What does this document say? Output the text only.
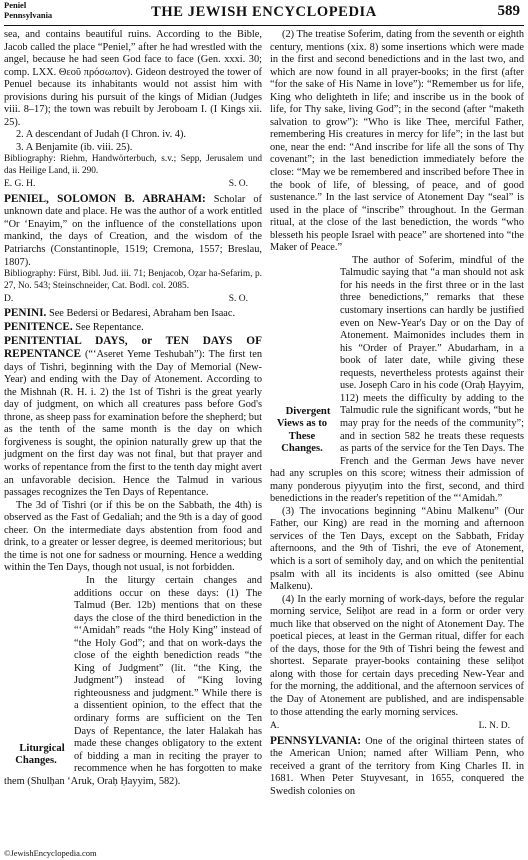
Peniel
Pennsylvania	THE JEWISH ENCYCLOPEDIA	589

sea, and contains beautiful ruins. According to the Bible, Jacob called the place “Peniel,” after he had wrestled with the angel, because he had seen God face to face (Gen. xxxi. 30; comp. LXX. Θεοῦ πρόσωπον). Gideon destroyed the tower of Penuel because its inhabitants would not assist him with provisions during his pursuit of the kings of Midian (Judges viii. 8–17); the town was rebuilt by Jeroboam I. (I Kings xii. 25).

2. A descendant of Judah (I Chron. iv. 4).

3. A Benjamite (ib. viii. 25).

Bibliography: Riehm, Handwörterbuch, s.v.; Sepp, Jerusalem und das Heilige Land, ii. 290.

E. G. H.	S. O.

PENIEL, SOLOMON B. ABRAHAM: Scholar of unknown date and place. He was the author of a work entitled “Or ‘Enayim,” on the influence of the constellations upon mankind, the days of Creation, and the wisdom of the Patriarchs (Constantinople, 1519; Cremona, 1557; Breslau, 1807).

Bibliography: Fürst, Bibl. Jud. iii. 71; Benjacob, Oẓar ha-Sefarim, p. 27, No. 543; Steinschneider, Cat. Bodl. col. 2085.

D.	S. O.

PENINI. See Bedersi or Bedaresi, Abraham ben Isaac.

PENITENCE. See Repentance.

PENITENTIAL DAYS, or TEN DAYS OF REPENTANCE (“‘Aseret Yeme Teshubah”): The first ten days of Tishri, beginning with the Day of Memorial (New-Year) and ending with the Day of Atonement. According to the Mishnah (R. H. i. 2) the 1st of Tishri is the great yearly day of judgment, on which all creatures pass before God's throne, as sheep pass for examination before the shepherd; but as the tenth of the same month is the day on which forgiveness is sought, the opinion naturally grew up that the judgment on the first day was not final, but that prayer and works of repentance from the first to the tenth day might avert an unfavorable decision. Hence the Talmud in various passages recognizes the Ten Days of Repentance.

The 3d of Tishri (or if this be on the Sabbath, the 4th) is observed as the Fast of Gedaliah; and the 9th is a day of good cheer. On the intermediate days abstention from food and drink, to a greater or lesser degree, is deemed meritorious; but the time is not one for sadness or mourning. Hence a wedding within the Ten Days, though not usual, is not forbidden.

Liturgical Changes.
In the liturgy certain changes and additions occur on these days: (1) The Talmud (Ber. 12b) mentions that on these days the close of the third benediction in the “‘Amidah” reads “the Holy King” instead of “the Holy God”; and that on work-days the close of the eighth benediction reads “the King of Judgment” (lit. “the King, the Judgment”) instead of “King loving righteousness and judgment.” While there is a dissentient opinion, to the effect that the ordinary forms are sufficient on the Ten Days of Repentance, the later Halakah has made these changes obligatory to the extent of bidding a man in reciting the prayer to recommence when he has forgotten to make them (Shulḥan ‘Aruk, Oraḥ Ḥayyim, 582).

(2) The treatise Soferim, dating from the seventh or eighth century, mentions (xix. 8) some insertions which were made in the first and second benedictions and in the last two, and which are now found in all prayer-books; in the first (after “for the sake of His Name in love”): “Remember us for life, King who delighteth in life; and inscribe us in the book of life, for Thy sake, living God”; in the second (after “maketh salvation to grow”): “Who is like Thee, merciful Father, remembering His creatures in mercy for life”; in the last but one, near the end: “And inscribe for life all the sons of Thy covenant”; in the last benediction immediately before the close: “May we be remembered and inscribed before Thee in the book of life, of blessing, of peace, and of good sustenance.” In the last service of Atonement Day “seal” is used in the place of “inscribe” throughout. In the German ritual, at the close of the last benediction, the words “who blesseth his people Israel with peace” are shortened into “the Maker of Peace.”

Divergent Views as to These Changes.
The author of Soferim, mindful of the Talmudic saying that “a man should not ask for his needs in the first three or in the last three benedictions,” remarks that these customary insertions can hardly be justified even on New-Year's Day or on the Day of Atonement. Maimonides includes them in his “Order of Prayer.” Abudarham, in a book of later date, while giving these requests, nevertheless protests against their use. Joseph Caro in his code (Oraḥ Ḥayyim, 112) meets the difficulty by adding to the Talmudic rule the significant words, “but he may pray for the needs of the community”; and in section 582 he treats these requests as parts of the service for the Ten Days. The French and the German Jews have never had any scruples on this score; witness their admission of many ponderous piyyuṭim into the first, second, and third benedictions in the reader's repetition of the “‘Amidah.”

(3) The invocations beginning “Abinu Malkenu” (Our Father, our King) are read in the morning and afternoon services of the Ten Days, except on the Sabbath, Friday afternoons, and the 9th of Tishri, the eve of Atonement, which is a sort of semiholy day, and on which the penitential psalm with all its incidents is also omitted (see Abinu Malkenu).

(4) In the early morning of work-days, before the regular morning service, Seliḥot are read in a form or order very much like that observed on the night of Atonement Day. The poetical pieces, at least in the German ritual, differ for each of the days, those for the 9th of Tishri being the fewest and shortest. Separate prayer-books containing these seliḥot along with those for certain days preceding New-Year and for the morning, the additional, and the afternoon services of the Day of Atonement are published, and are indispensable to those attending the early morning services.

A.	L. N. D.

PENNSYLVANIA: One of the original thirteen states of the American Union; named after William Penn, who received a grant of the territory from King Charles II. in 1681. When Peter Stuyvesant, in 1655, conquered the Swedish colonies on

©JewishEncyclopedia.com
